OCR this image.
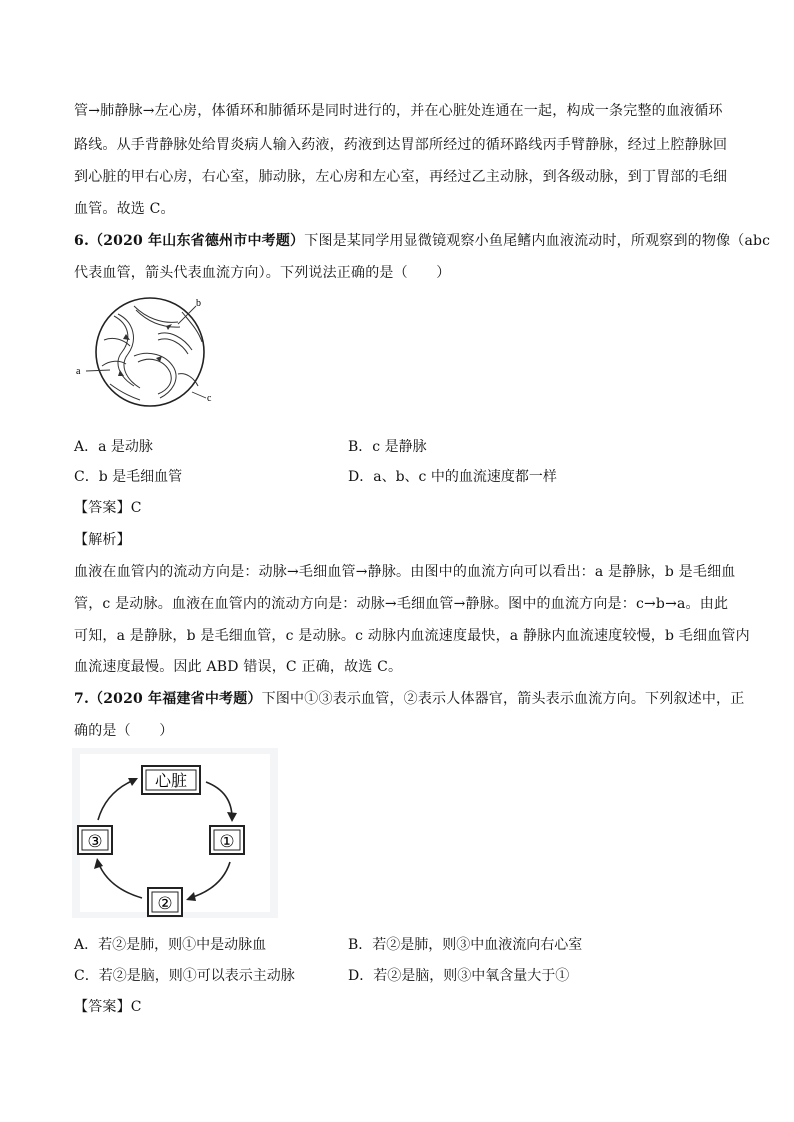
管→肺静脉→左心房，体循环和肺循环是同时进行的，并在心脏处连通在一起，构成一条完整的血液循环
路线。从手背静脉处给胃炎病人输入药液，药液到达胃部所经过的循环路线丙手臂静脉，经过上腔静脉回
到心脏的甲右心房，右心室，肺动脉，左心房和左心室，再经过乙主动脉，到各级动脉，到丁胃部的毛细
血管。故选 C。
6.（2020 年山东省德州市中考题）下图是某同学用显微镜观察小鱼尾鳍内血液流动时，所观察到的物像（abc
代表血管，箭头代表血流方向）。下列说法正确的是（　　）
b
a
c
A．a 是动脉	B．c 是静脉
C．b 是毛细血管	D．a、b、c 中的血流速度都一样
【答案】C
【解析】
血液在血管内的流动方向是：动脉→毛细血管→静脉。由图中的血流方向可以看出：a 是静脉，b 是毛细血
管，c 是动脉。血液在血管内的流动方向是：动脉→毛细血管→静脉。图中的血流方向是：c→b→a。由此
可知，a 是静脉，b 是毛细血管，c 是动脉。c 动脉内血流速度最快，a 静脉内血流速度较慢，b 毛细血管内
血流速度最慢。因此 ABD 错误，C 正确，故选 C。
7.（2020 年福建省中考题）下图中①③表示血管，②表示人体器官，箭头表示血流方向。下列叙述中，正
确的是（　　）
心脏
①
②
③
A．若②是肺，则①中是动脉血	B．若②是肺，则③中血液流向右心室
C．若②是脑，则①可以表示主动脉	D．若②是脑，则③中氧含量大于①
【答案】C
